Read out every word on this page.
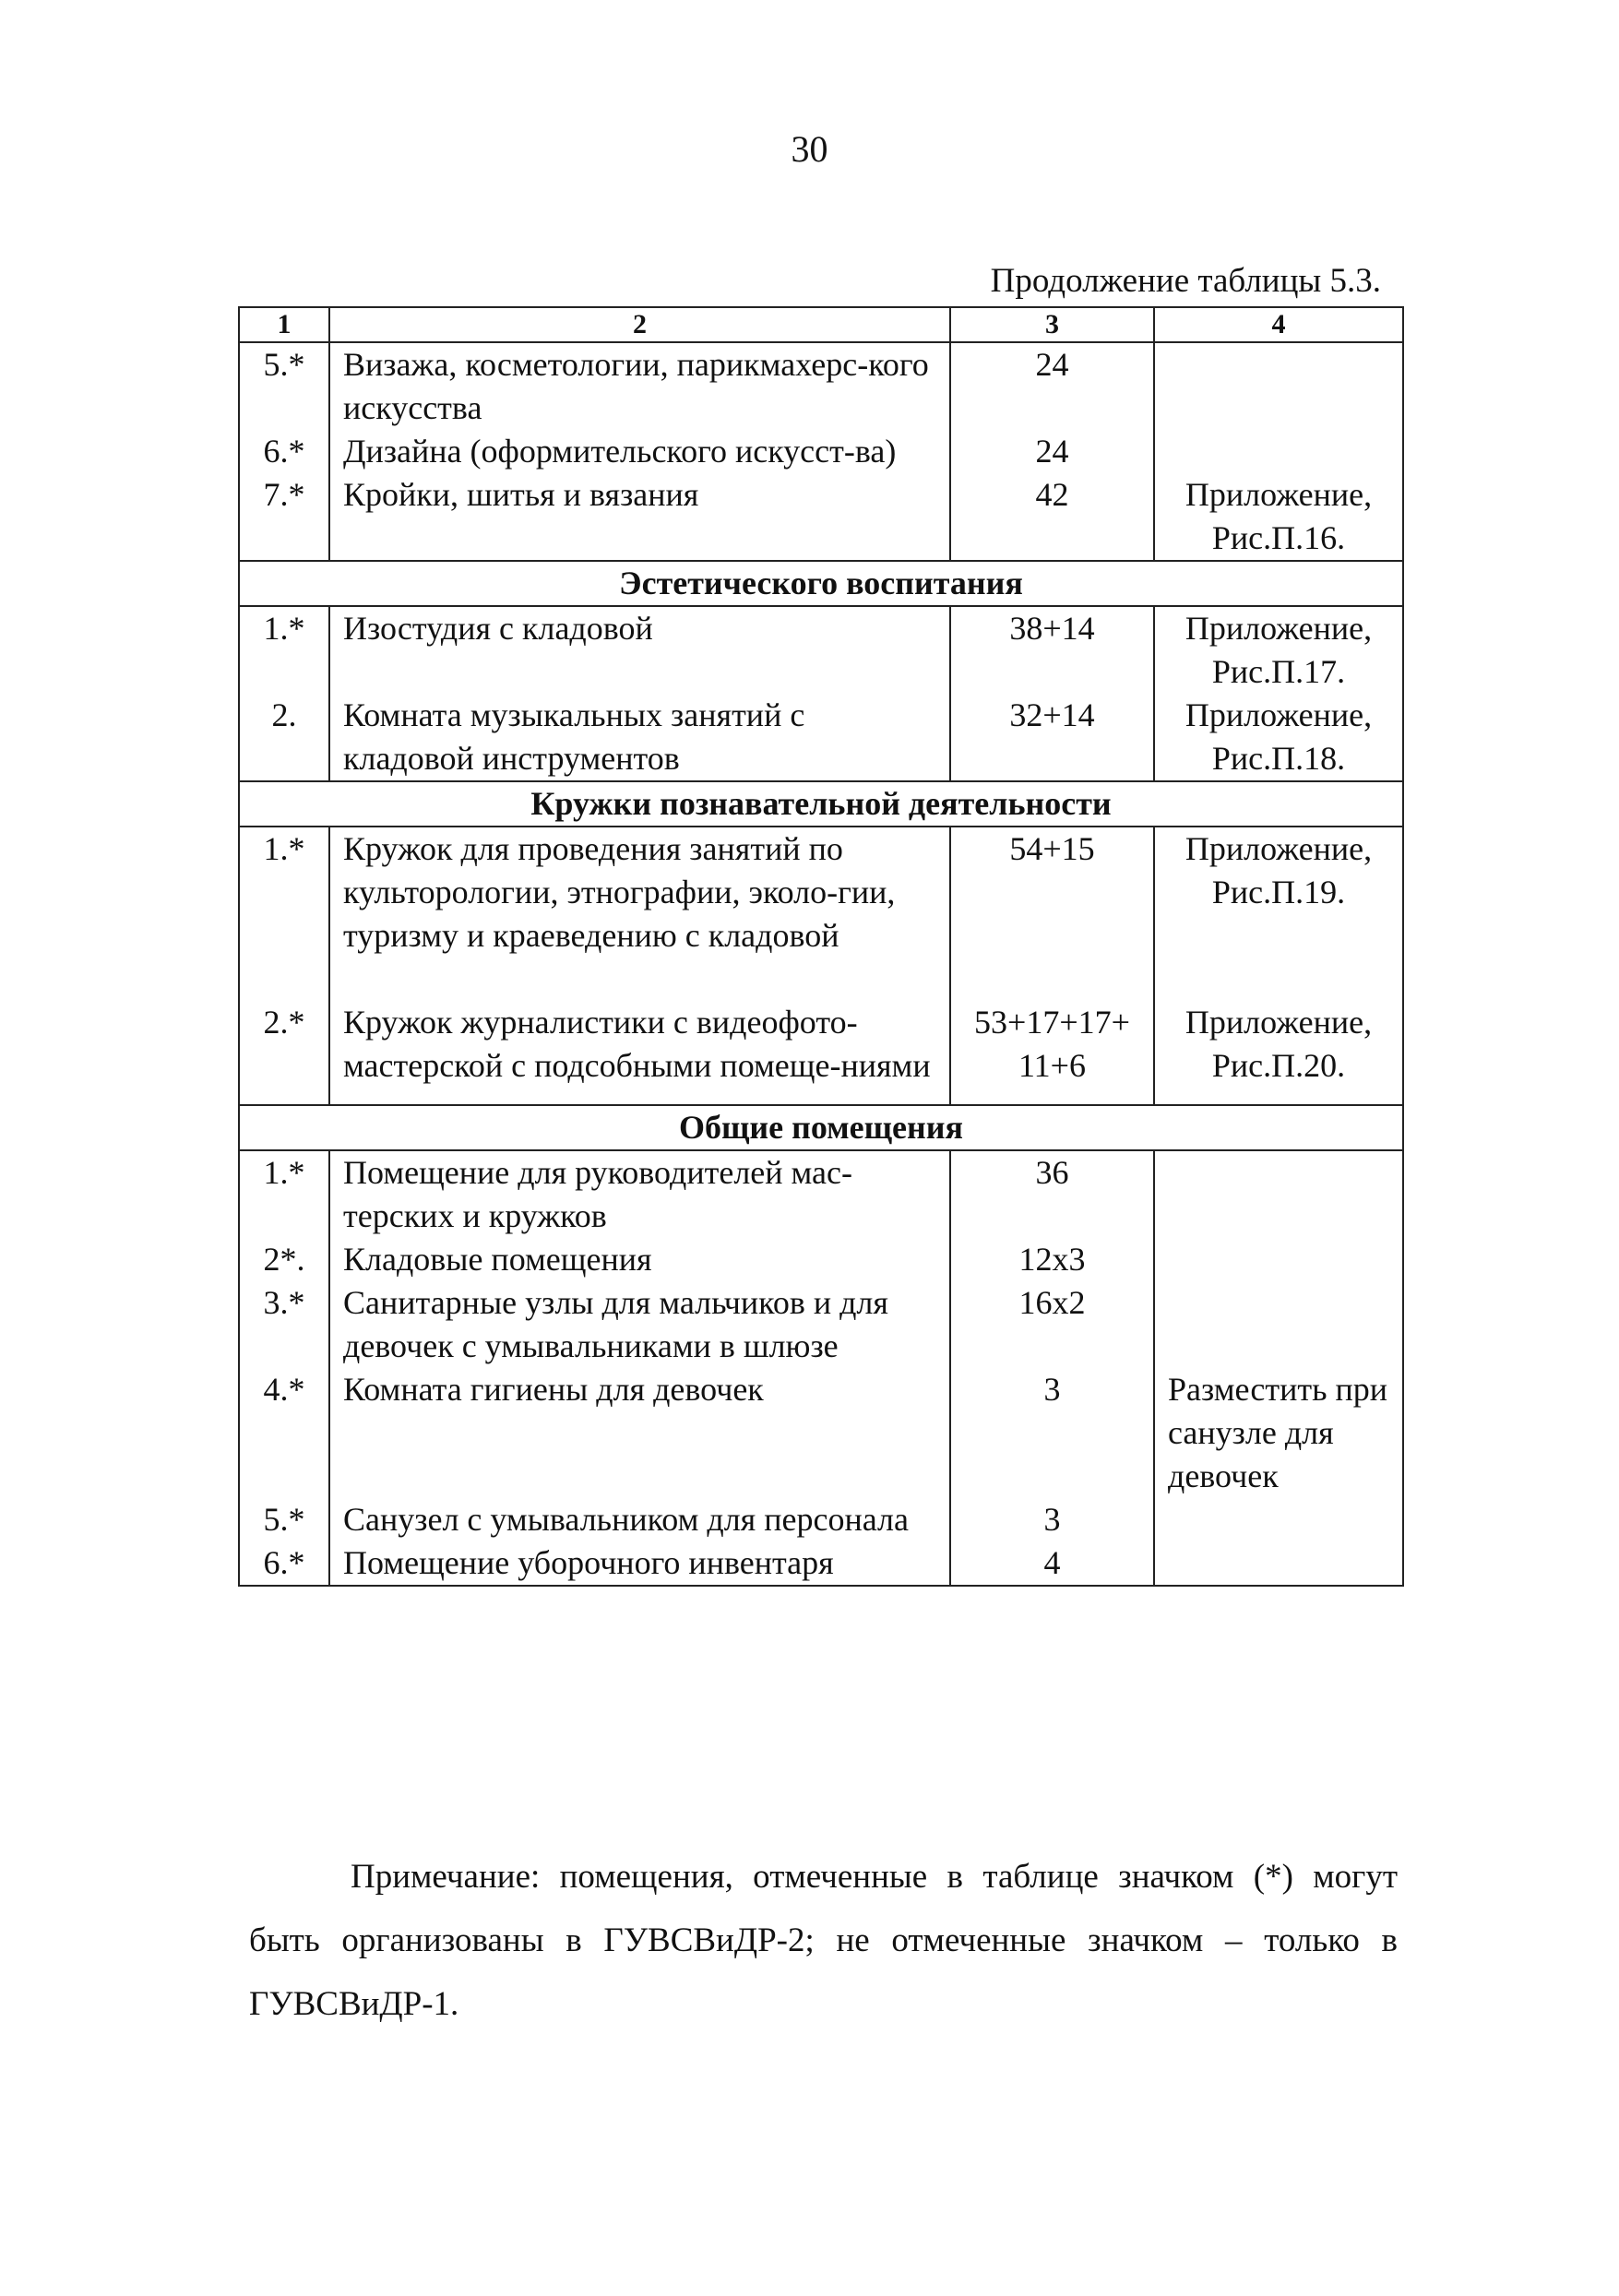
30
Продолжение таблицы 5.3.
1	2	3	4
5.*	Визажа, косметологии, парикмахерс-кого искусства	24	
6.*	Дизайна (оформительского искусст-ва)	24	
7.*	Кройки, шитья и вязания	42	Приложение, Рис.П.16.
Эстетического воспитания			
1.*	Изостудия с кладовой	38+14	Приложение, Рис.П.17.
2.	Комната музыкальных занятий с кладовой инструментов	32+14	Приложение, Рис.П.18.
Кружки познавательной деятельности			
1.*	Кружок для проведения занятий по культорологии, этнографии, эколо-гии, туризму и краеведению с кладовой	54+15	Приложение, Рис.П.19.
2.*	Кружок журналистики с видеофото-мастерской с подсобными помеще-ниями	53+17+17+ 11+6	Приложение, Рис.П.20.
Общие помещения			
1.*	Помещение для руководителей мас-терских и кружков	36	
2*.	Кладовые помещения	12x3	
3.*	Санитарные узлы для мальчиков и для девочек с умывальниками в шлюзе	16x2	
4.*	Комната гигиены для девочек	3	Разместить при санузле для девочек
5.*	Санузел с умывальником для персонала	3	
6.*	Помещение уборочного инвентаря	4	
Примечание: помещения, отмеченные в таблице значком (*) могут быть организованы в ГУВСВиДР-2; не отмеченные значком – только в ГУВСВиДР-1.
